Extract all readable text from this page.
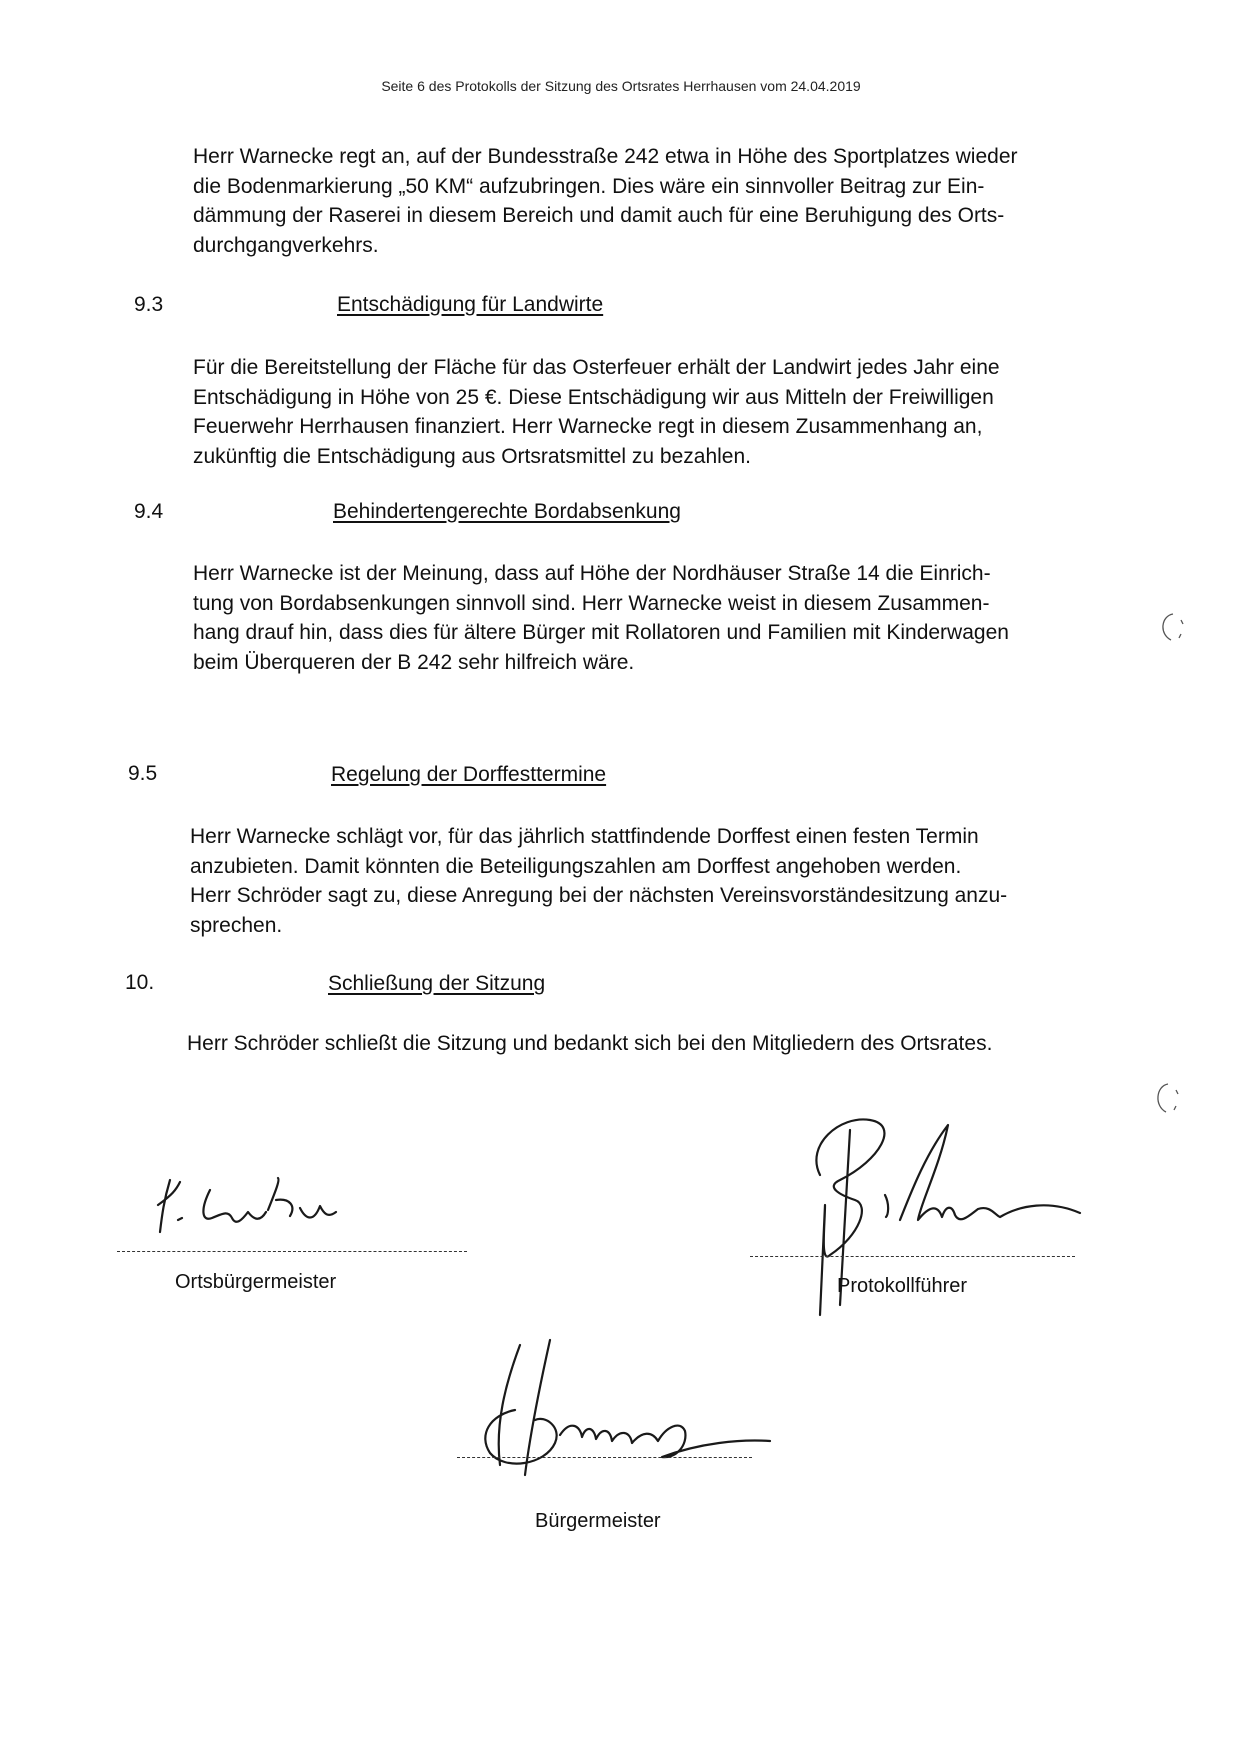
Seite 6 des Protokolls der Sitzung des Ortsrates Herrhausen vom 24.04.2019
Herr Warnecke regt an, auf der Bundesstraße 242 etwa in Höhe des Sportplatzes wieder
die Bodenmarkierung „50 KM“ aufzubringen. Dies wäre ein sinnvoller Beitrag zur Ein-
dämmung der Raserei in diesem Bereich und damit auch für eine Beruhigung des Orts-
durchgangverkehrs.
9.3	Entschädigung für Landwirte
Für die Bereitstellung der Fläche für das Osterfeuer erhält der Landwirt jedes Jahr eine
Entschädigung in Höhe von 25 €. Diese Entschädigung wir aus Mitteln der Freiwilligen
Feuerwehr Herrhausen finanziert. Herr Warnecke regt in diesem Zusammenhang an,
zukünftig die Entschädigung aus Ortsratsmittel zu bezahlen.
9.4	Behindertengerechte Bordabsenkung
Herr Warnecke ist der Meinung, dass auf Höhe der Nordhäuser Straße 14 die Einrich-
tung von Bordabsenkungen sinnvoll sind. Herr Warnecke weist in diesem Zusammen-
hang drauf hin, dass dies für ältere Bürger mit Rollatoren und Familien mit Kinderwagen
beim Überqueren der B 242 sehr hilfreich wäre.
9.5	Regelung der Dorffesttermine
Herr Warnecke schlägt vor, für das jährlich stattfindende Dorffest einen festen Termin
anzubieten. Damit könnten die Beteiligungszahlen am Dorffest angehoben werden.
Herr Schröder sagt zu, diese Anregung bei der nächsten Vereinsvorständesitzung anzu-
sprechen.
10.	Schließung der Sitzung
Herr Schröder schließt die Sitzung und bedankt sich bei den Mitgliedern des Ortsrates.
Ortsbürgermeister	Protokollführer
Bürgermeister
